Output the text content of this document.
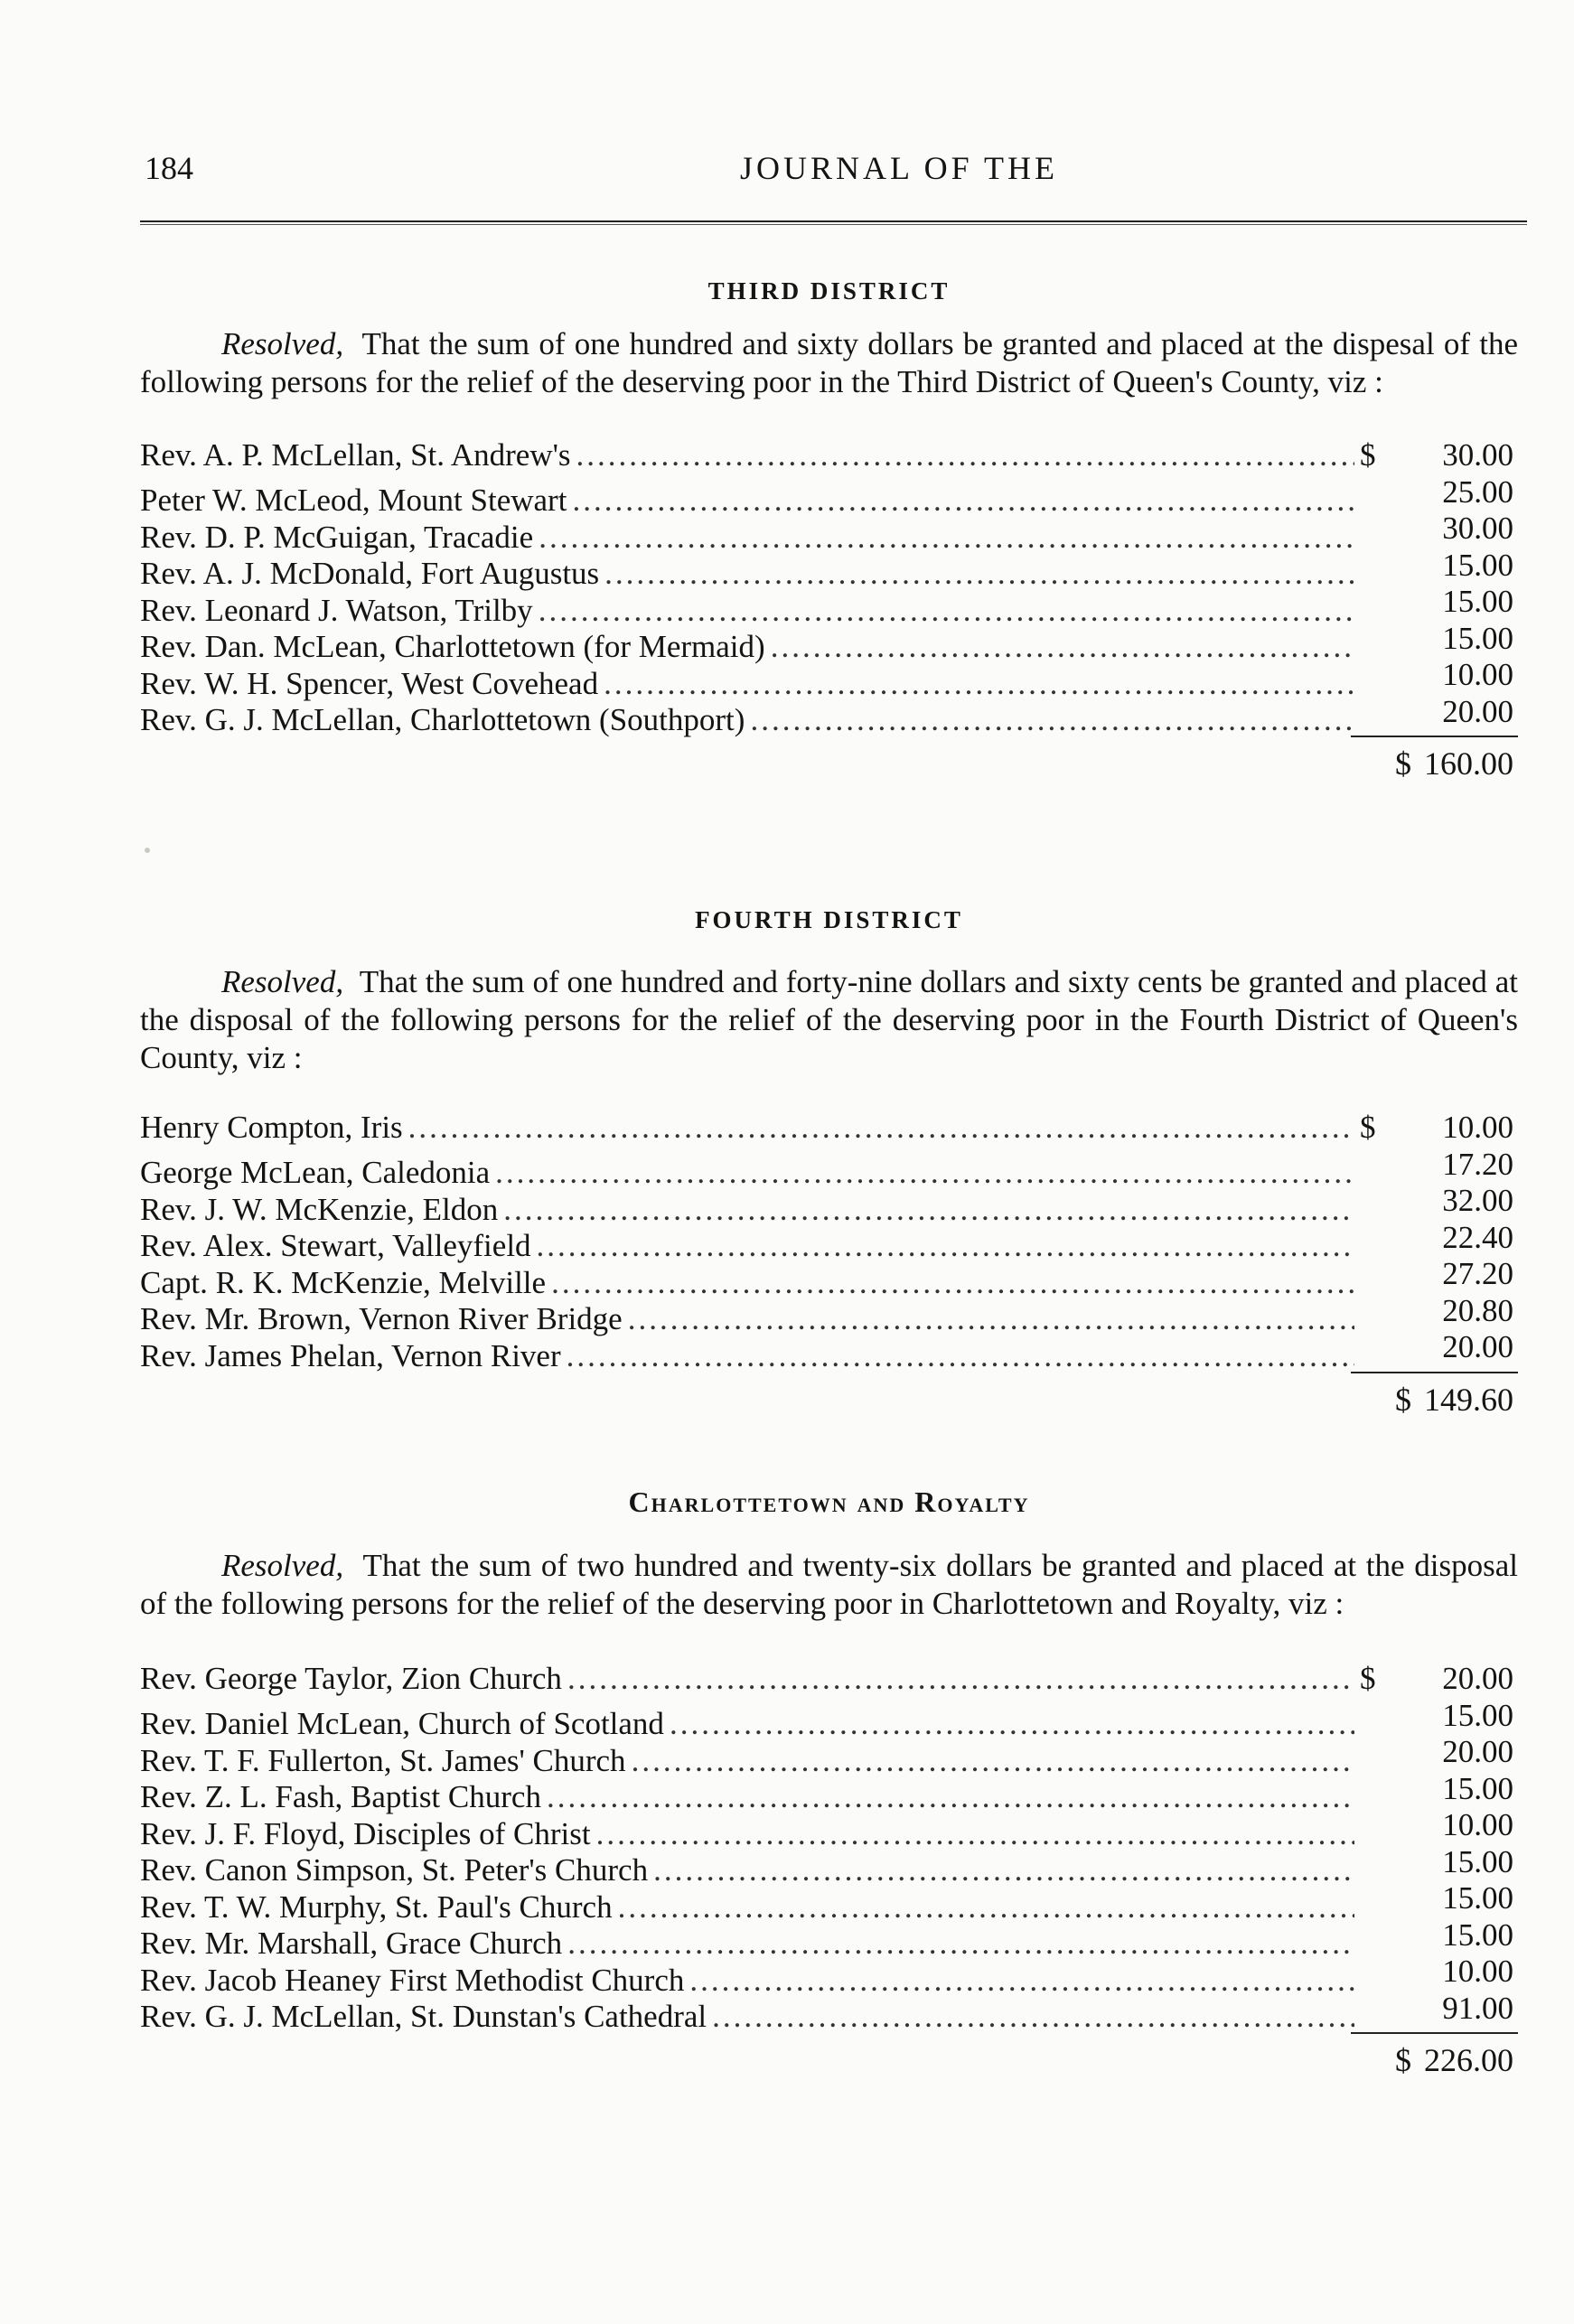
184	JOURNAL OF THE
THIRD DISTRICT

Resolved, That the sum of one hundred and sixty dollars be granted and placed at the dispesal of the following persons for the relief of the deserving poor in the Third District of Queen's County, viz :

Rev. A. P. McLellan, St. Andrew's .....	$	30.00
Peter W. McLeod, Mount Stewart .....	25.00
Rev. D. P. McGuigan, Tracadie .....	30.00
Rev. A. J. McDonald, Fort Augustus .....	15.00
Rev. Leonard J. Watson, Trilby .....	15.00
Rev. Dan. McLean, Charlottetown (for Mermaid) .....	15.00
Rev. W. H. Spencer, West Covehead .....	10.00
Rev. G. J. McLellan, Charlottetown (Southport) .....	20.00
$ 160.00
FOURTH DISTRICT

Resolved, That the sum of one hundred and forty-nine dollars and sixty cents be granted and placed at the disposal of the following persons for the relief of the deserving poor in the Fourth District of Queen's County, viz :

Henry Compton, Iris .....	$	10.00
George McLean, Caledonia .....	17.20
Rev. J. W. McKenzie, Eldon .....	32.00
Rev. Alex. Stewart, Valleyfield .....	22.40
Capt. R. K. McKenzie, Melville .....	27.20
Rev. Mr. Brown, Vernon River Bridge .....	20.80
Rev. James Phelan, Vernon River .....	20.00
$ 149.60
Charlottetown and Royalty

Resolved, That the sum of two hundred and twenty-six dollars be granted and placed at the disposal of the following persons for the relief of the deserving poor in Charlottetown and Royalty, viz :

Rev. George Taylor, Zion Church .....	$	20.00
Rev. Daniel McLean, Church of Scotland .....	15.00
Rev. T. F. Fullerton, St. James' Church .....	20.00
Rev. Z. L. Fash, Baptist Church .....	15.00
Rev. J. F. Floyd, Disciples of Christ .....	10.00
Rev. Canon Simpson, St. Peter's Church .....	15.00
Rev. T. W. Murphy, St. Paul's Church .....	15.00
Rev. Mr. Marshall, Grace Church .....	15.00
Rev. Jacob Heaney First Methodist Church .....	10.00
Rev. G. J. McLellan, St. Dunstan's Cathedral .....	91.00
$ 226.00
